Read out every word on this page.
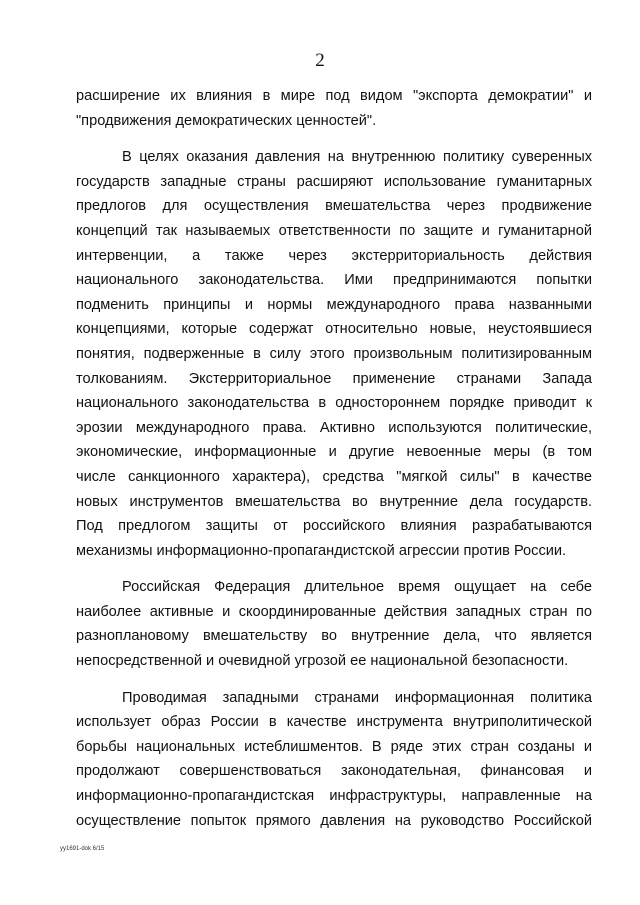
2

расширение их влияния в мире под видом "экспорта демократии" и
"продвижения демократических ценностей".

В целях оказания давления на внутреннюю политику суверенных
государств западные страны расширяют использование гуманитарных
предлогов для осуществления вмешательства через продвижение
концепций так называемых ответственности по защите и гуманитарной
интервенции, а также через экстерриториальность действия
национального законодательства. Ими предпринимаются попытки
подменить принципы и нормы международного права названными
концепциями, которые содержат относительно новые, неустоявшиеся
понятия, подверженные в силу этого произвольным политизированным
толкованиям. Экстерриториальное применение странами Запада
национального законодательства в одностороннем порядке приводит к
эрозии международного права. Активно используются политические,
экономические, информационные и другие невоенные меры (в том
числе санкционного характера), средства "мягкой силы" в качестве
новых инструментов вмешательства во внутренние дела государств.
Под предлогом защиты от российского влияния разрабатываются
механизмы информационно-пропагандистской агрессии против России.

Российская Федерация длительное время ощущает на себе
наиболее активные и скоординированные действия западных стран по
разноплановому вмешательству во внутренние дела, что является
непосредственной и очевидной угрозой ее национальной безопасности.

Проводимая западными странами информационная политика
использует образ России в качестве инструмента внутриполитической
борьбы национальных истеблишментов. В ряде этих стран созданы и
продолжают совершенствоваться законодательная, финансовая и
информационно-пропагандистская инфраструктуры, направленные на
осуществление попыток прямого давления на руководство Российской

yy1691-dok 6/15
